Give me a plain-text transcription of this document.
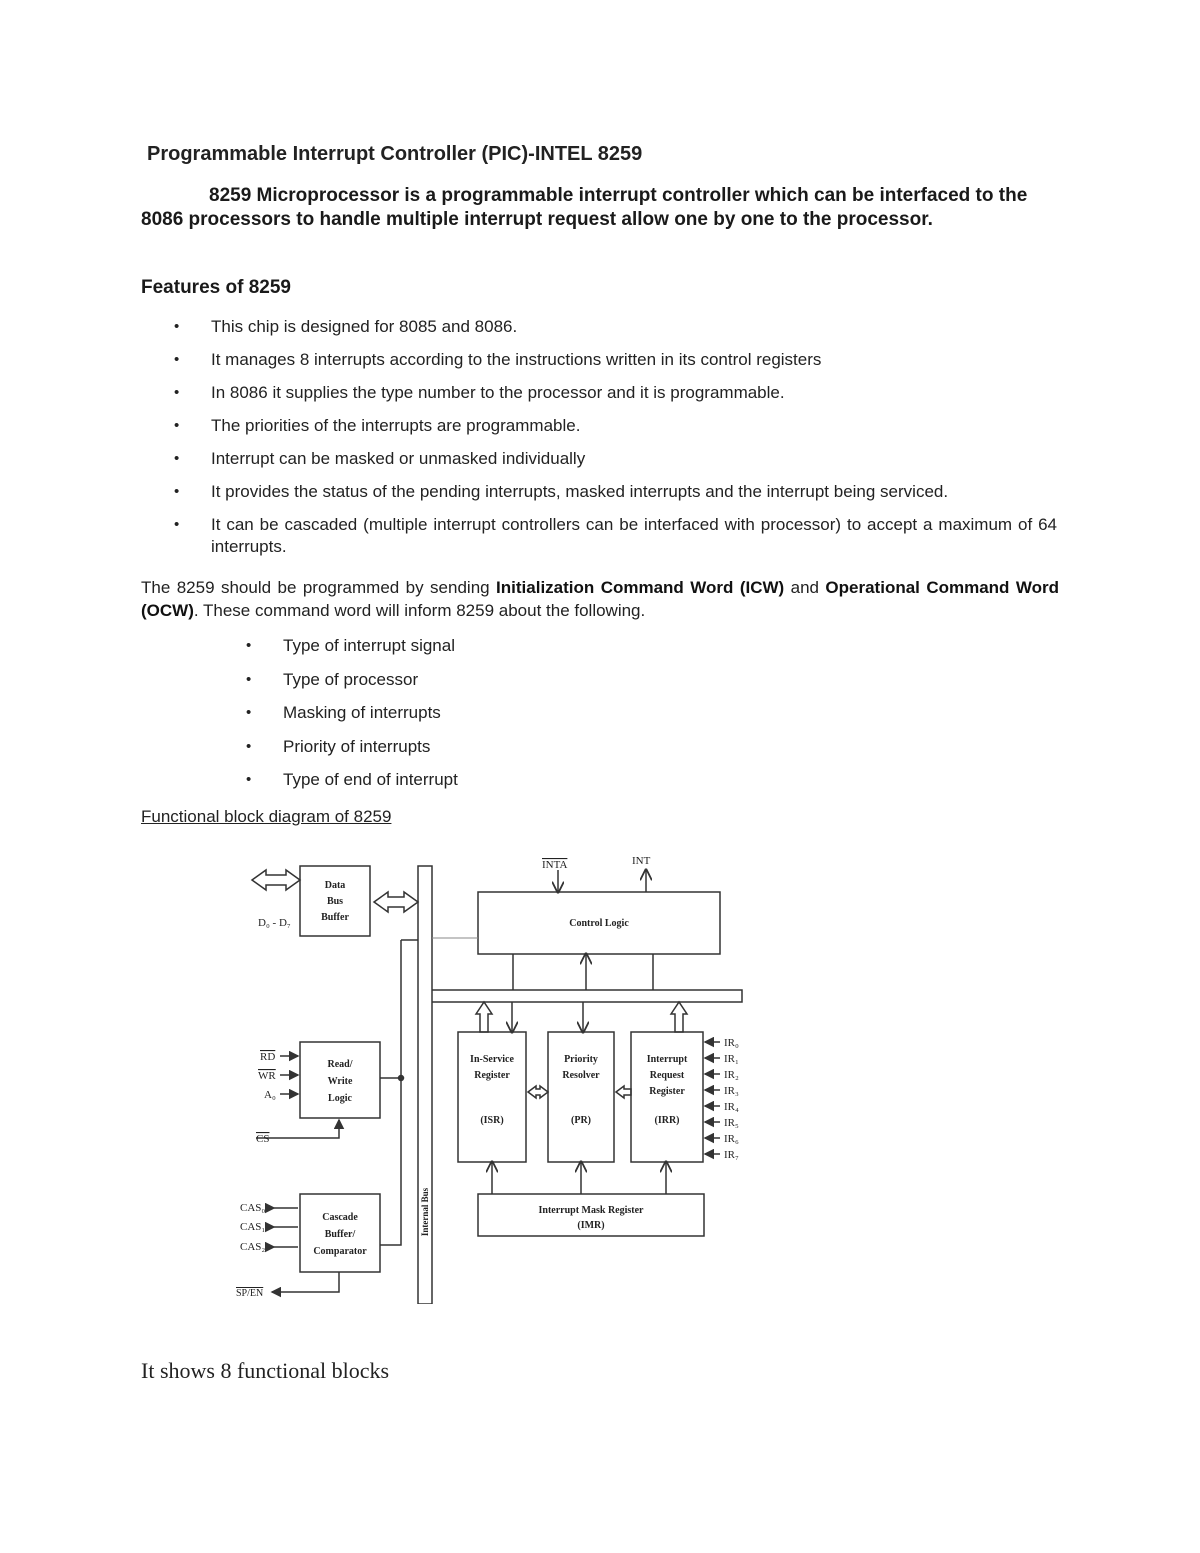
Programmable Interrupt Controller (PIC)-INTEL 8259
8259 Microprocessor is a programmable interrupt controller which can be interfaced to the 8086 processors to handle multiple interrupt request allow one by one to the processor.
Features of 8259
• This chip is designed for 8085 and 8086.
• It manages 8 interrupts according to the instructions written in its control registers
• In 8086 it supplies the type number to the processor and it is programmable.
• The priorities of the interrupts are programmable.
• Interrupt can be masked or unmasked individually
• It provides the status of the pending interrupts, masked interrupts and the interrupt being serviced.
• It can be cascaded (multiple interrupt controllers can be interfaced with processor) to accept a maximum of 64 interrupts.
The 8259 should be programmed by sending Initialization Command Word (ICW) and Operational Command Word (OCW). These command word will inform 8259 about the following.
• Type of interrupt signal
• Type of processor
• Masking of interrupts
• Priority of interrupts
• Type of end of interrupt
Functional block diagram of 8259
Data
Bus
Buffer
Control Logic
In-Service
Register
(ISR)
Priority
Resolver
(PR)
Interrupt
Request
Register
(IRR)
Interrupt Mask Register
(IMR)
Read/
Write
Logic
Cascade
Buffer/
Comparator
D₀ - D₇
INTA	INT
RD
WR
A₀
CS
CAS₀
CAS₁
CAS₂
SP/EN
IR₀
IR₁
IR₂
IR₃
IR₄
IR₅
IR₆
IR₇
Internal Bus
It shows 8 functional blocks
